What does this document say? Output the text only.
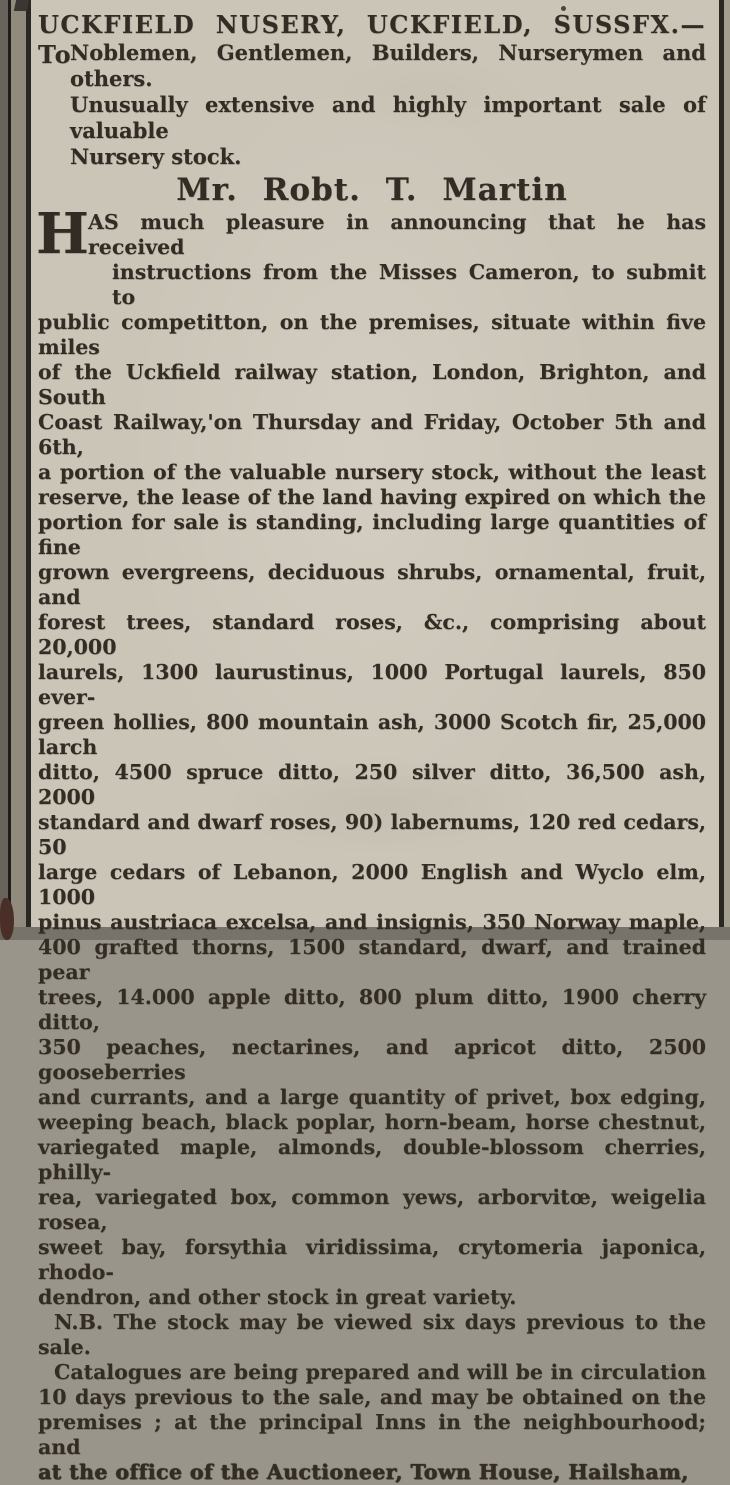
UCKFIELD NUSERY, UCKFIELD, SUSSFX.—To
Noblemen, Gentlemen, Builders, Nurserymen and others.
Unusually extensive and highly important sale of valuable
Nursery stock.
Mr. Robt. T. Martin
H AS much pleasure in announcing that he has received
instructions from the Misses Cameron, to submit to
public competitton, on the premises, situate within five miles
of the Uckfield railway station, London, Brighton, and South
Coast Railway,'on Thursday and Friday, October 5th and 6th,
a portion of the valuable nursery stock, without the least
reserve, the lease of the land having expired on which the
portion for sale is standing, including large quantities of fine
grown evergreens, deciduous shrubs, ornamental, fruit, and
forest trees, standard roses, &c., comprising about 20,000
laurels, 1300 laurustinus, 1000 Portugal laurels, 850 ever-
green hollies, 800 mountain ash, 3000 Scotch fir, 25,000 larch
ditto, 4500 spruce ditto, 250 silver ditto, 36,500 ash, 2000
standard and dwarf roses, 90) labernums, 120 red cedars, 50
large cedars of Lebanon, 2000 English and Wyclo elm, 1000
pinus austriaca excelsa, and insignis, 350 Norway maple,
400 grafted thorns, 1500 standard, dwarf, and trained pear
trees, 14.000 apple ditto, 800 plum ditto, 1900 cherry ditto,
350 peaches, nectarines, and apricot ditto, 2500 gooseberries
and currants, and a large quantity of privet, box edging,
weeping beach, black poplar, horn-beam, horse chestnut,
variegated maple, almonds, double-blossom cherries, philly-
rea, variegated box, common yews, arborvitœ, weigelia rosea,
sweet bay, forsythia viridissima, crytomeria japonica, rhodo-
dendron, and other stock in great variety.
N.B. The stock may be viewed six days previous to the
sale.
Catalogues are being prepared and will be in circulation
10 days previous to the sale, and may be obtained on the
premises ; at the principal Inns in the neighbourhood; and
at the office of the Auctioneer, Town House, Hailsham,
